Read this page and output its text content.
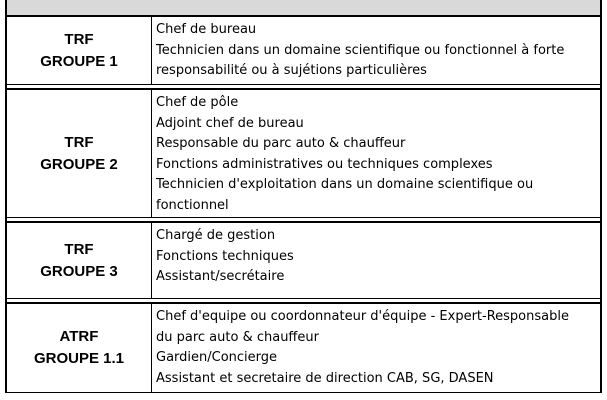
TRF
GROUPE 1
Chef de bureau
Technicien dans un domaine scientifique ou fonctionnel à forte
responsabilité ou à sujétions particulières
TRF
GROUPE 2
Chef de pôle
Adjoint chef de bureau
Responsable du parc auto & chauffeur
Fonctions administratives ou techniques complexes
Technicien d'exploitation dans un domaine scientifique ou
fonctionnel
TRF
GROUPE 3
Chargé de gestion
Fonctions techniques
Assistant/secrétaire
ATRF
GROUPE 1.1
Chef d'equipe ou coordonnateur d'équipe - Expert-Responsable
du parc auto & chauffeur
Gardien/Concierge
Assistant et secretaire de direction CAB, SG, DASEN
